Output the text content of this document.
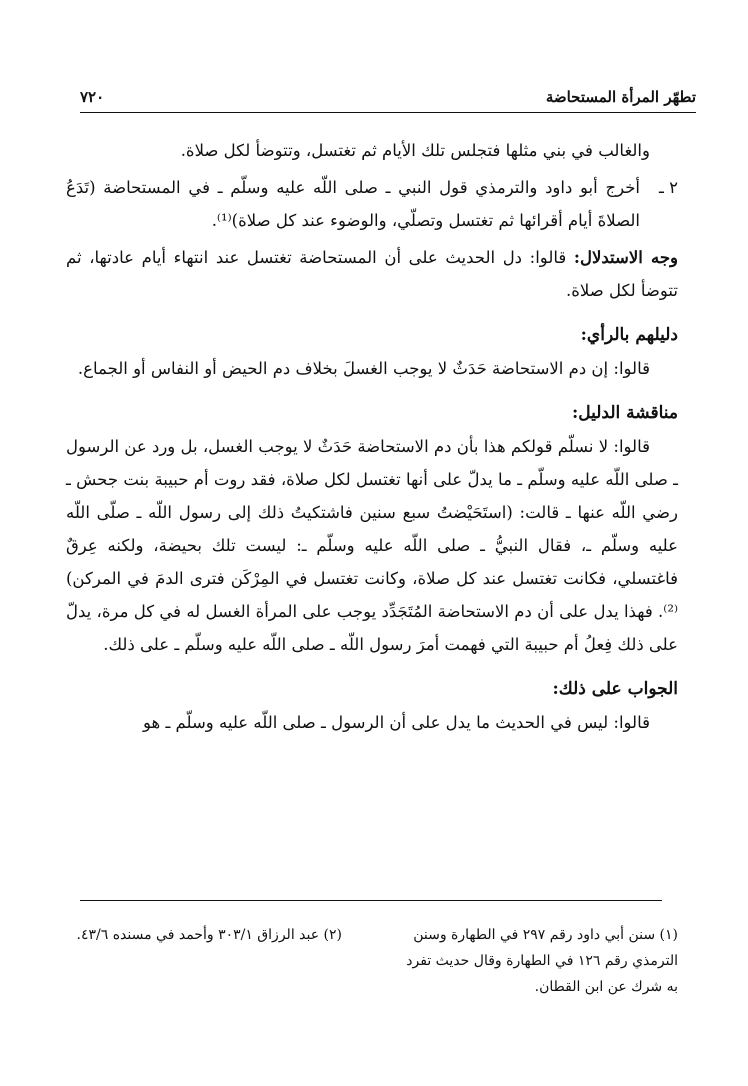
تطهّر المرأة المستحاضة
٧٢٠

والغالب في بني مثلها فتجلس تلك الأيام ثم تغتسل، وتتوضأ لكل صلاة.

٢ ـ

أخرج أبو داود والترمذي قول النبي ـ صلى اللّه عليه وسلّم ـ في المستحاضة (تَدَعُ الصلاةَ أيام أقرائها ثم تغتسل وتصلّي، والوضوء عند كل صلاة)⁽¹⁾.

وجه الاستدلال: قالوا: دل الحديث على أن المستحاضة تغتسل عند انتهاء أيام عادتها، ثم تتوضأ لكل صلاة.

دليلهم بالرأي:

قالوا: إن دم الاستحاضة حَدَثٌ لا يوجب الغسلَ بخلاف دم الحيض أو النفاس أو الجماع.

مناقشة الدليل:

قالوا: لا نسلّم قولكم هذا بأن دم الاستحاضة حَدَثٌ لا يوجب الغسل، بل ورد عن الرسول ـ صلى اللّه عليه وسلّم ـ ما يدلّ على أنها تغتسل لكل صلاة، فقد روت أم حبيبة بنت جحش ـ رضي اللّه عنها ـ قالت: (استَحَيْضتُ سبع سنين فاشتكيتُ ذلك إلى رسول اللّه ـ صلّى اللّه عليه وسلّم ـ، فقال النبيُّ ـ صلى اللّه عليه وسلّم ـ: ليست تلك بحيضة، ولكنه عِرقٌ فاغتسلي، فكانت تغتسل عند كل صلاة، وكانت تغتسل في المِرْكَن فترى الدمَ في المركن)⁽²⁾. فهذا يدل على أن دم الاستحاضة المُتَجَدِّد يوجب على المرأة الغسل له في كل مرة، يدلّ على ذلك فِعلُ أم حبيبة التي فهمت أمرَ رسول اللّه ـ صلى اللّه عليه وسلّم ـ على ذلك.

الجواب على ذلك:

قالوا: ليس في الحديث ما يدل على أن الرسول ـ صلى اللّه عليه وسلّم ـ هو

(١) سنن أبي داود رقم ٢٩٧ في الطهارة وسنن الترمذي رقم ١٢٦ في الطهارة وقال حديث تفرد به شرك عن ابن القطان.

(٢) عبد الرزاق ٣٠٣/١ وأحمد في مسنده ٤٣/٦.
